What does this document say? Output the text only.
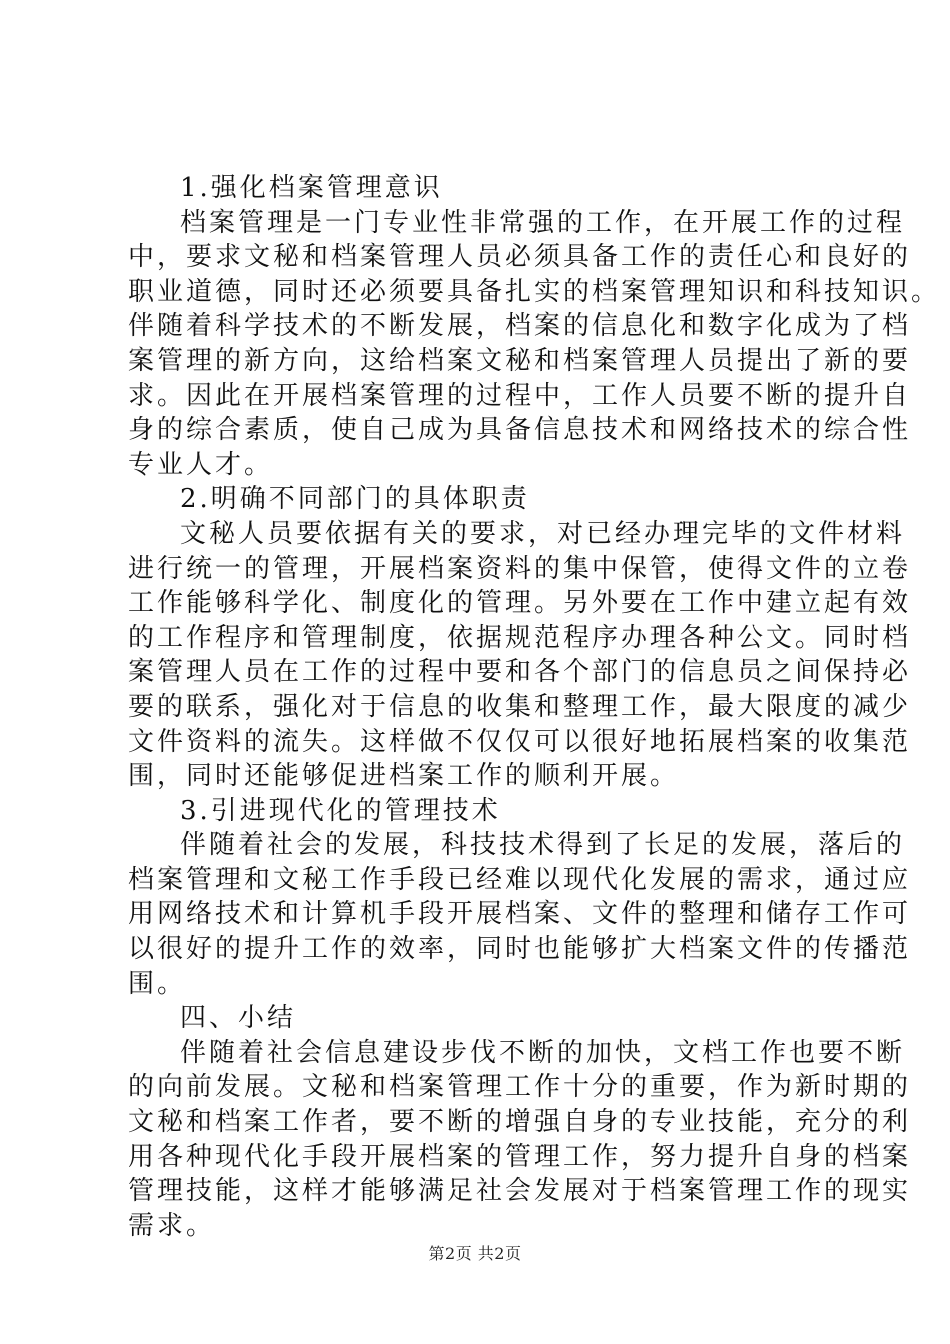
1.强化档案管理意识
档案管理是一门专业性非常强的工作，在开展工作的过程
中，要求文秘和档案管理人员必须具备工作的责任心和良好的
职业道德，同时还必须要具备扎实的档案管理知识和科技知识。
伴随着科学技术的不断发展，档案的信息化和数字化成为了档
案管理的新方向，这给档案文秘和档案管理人员提出了新的要
求。因此在开展档案管理的过程中，工作人员要不断的提升自
身的综合素质，使自己成为具备信息技术和网络技术的综合性
专业人才。
2.明确不同部门的具体职责
文秘人员要依据有关的要求，对已经办理完毕的文件材料
进行统一的管理，开展档案资料的集中保管，使得文件的立卷
工作能够科学化、制度化的管理。另外要在工作中建立起有效
的工作程序和管理制度，依据规范程序办理各种公文。同时档
案管理人员在工作的过程中要和各个部门的信息员之间保持必
要的联系，强化对于信息的收集和整理工作，最大限度的减少
文件资料的流失。这样做不仅仅可以很好地拓展档案的收集范
围，同时还能够促进档案工作的顺利开展。
3.引进现代化的管理技术
伴随着社会的发展，科技技术得到了长足的发展，落后的
档案管理和文秘工作手段已经难以现代化发展的需求，通过应
用网络技术和计算机手段开展档案、文件的整理和储存工作可
以很好的提升工作的效率，同时也能够扩大档案文件的传播范
围。
四、小结
伴随着社会信息建设步伐不断的加快，文档工作也要不断
的向前发展。文秘和档案管理工作十分的重要，作为新时期的
文秘和档案工作者，要不断的增强自身的专业技能，充分的利
用各种现代化手段开展档案的管理工作，努力提升自身的档案
管理技能，这样才能够满足社会发展对于档案管理工作的现实
需求。
第2页 共2页
